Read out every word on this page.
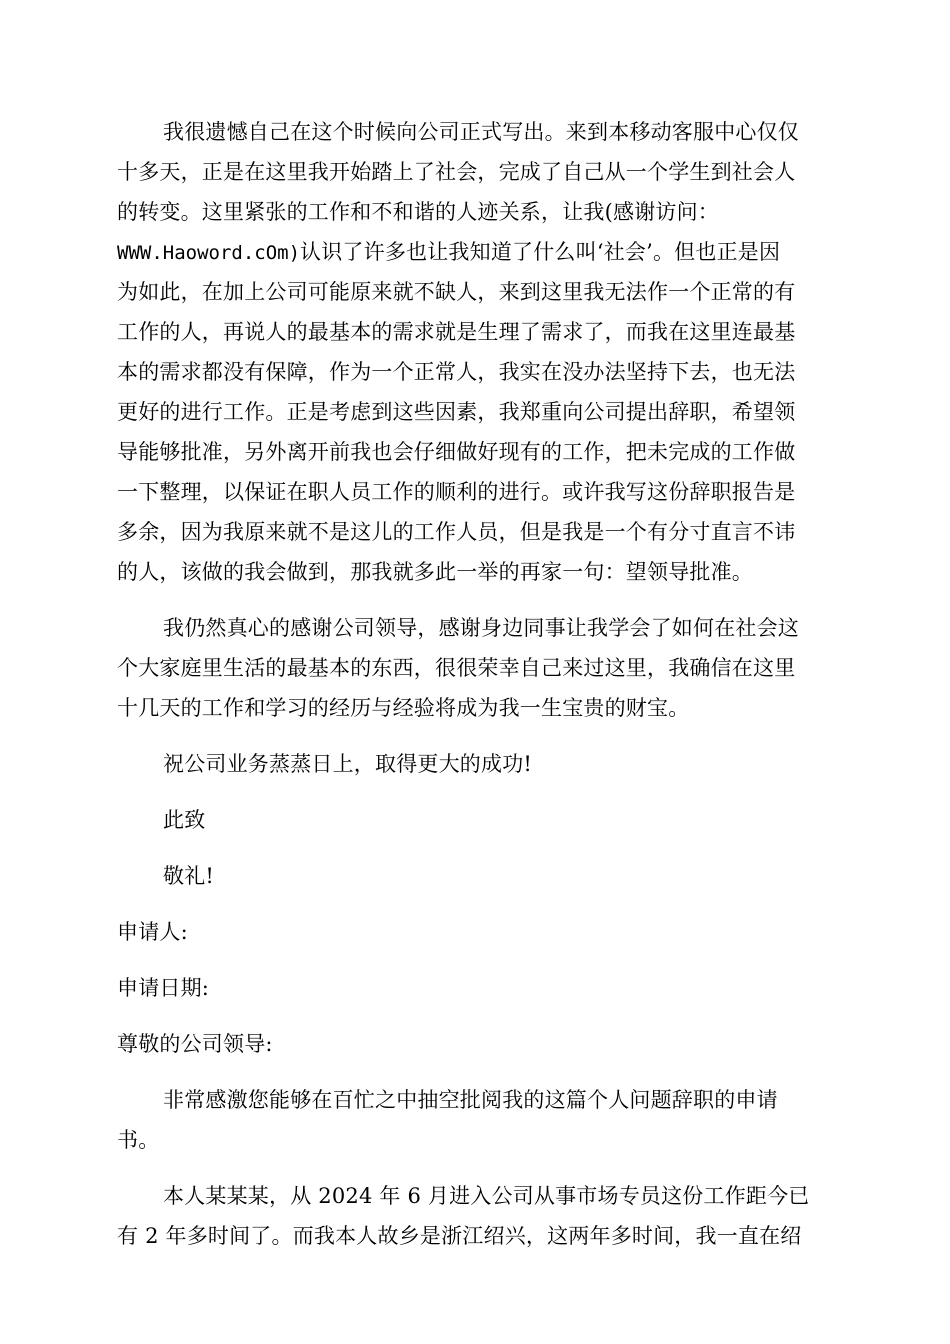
我很遗憾自己在这个时候向公司正式写出。来到本移动客服中心仅仅
十多天，正是在这里我开始踏上了社会，完成了自己从一个学生到社会人
的转变。这里紧张的工作和不和谐的人迹关系，让我(感谢访问：
WWW.Haoword.cOm)认识了许多也让我知道了什么叫‘社会’。但也正是因
为如此，在加上公司可能原来就不缺人，来到这里我无法作一个正常的有
工作的人，再说人的最基本的需求就是生理了需求了，而我在这里连最基
本的需求都没有保障，作为一个正常人，我实在没办法坚持下去，也无法
更好的进行工作。正是考虑到这些因素，我郑重向公司提出辞职，希望领
导能够批准，另外离开前我也会仔细做好现有的工作，把未完成的工作做
一下整理，以保证在职人员工作的顺利的进行。或许我写这份辞职报告是
多余，因为我原来就不是这儿的工作人员，但是我是一个有分寸直言不讳
的人，该做的我会做到，那我就多此一举的再家一句：望领导批准。
我仍然真心的感谢公司领导，感谢身边同事让我学会了如何在社会这
个大家庭里生活的最基本的东西，很很荣幸自己来过这里，我确信在这里
十几天的工作和学习的经历与经验将成为我一生宝贵的财宝。
祝公司业务蒸蒸日上，取得更大的成功!
此致
敬礼!
申请人:
申请日期:
尊敬的公司领导:
非常感激您能够在百忙之中抽空批阅我的这篇个人问题辞职的申请
书。
本人某某某，从 2024 年 6 月进入公司从事市场专员这份工作距今已
有 2 年多时间了。而我本人故乡是浙江绍兴，这两年多时间，我一直在绍
